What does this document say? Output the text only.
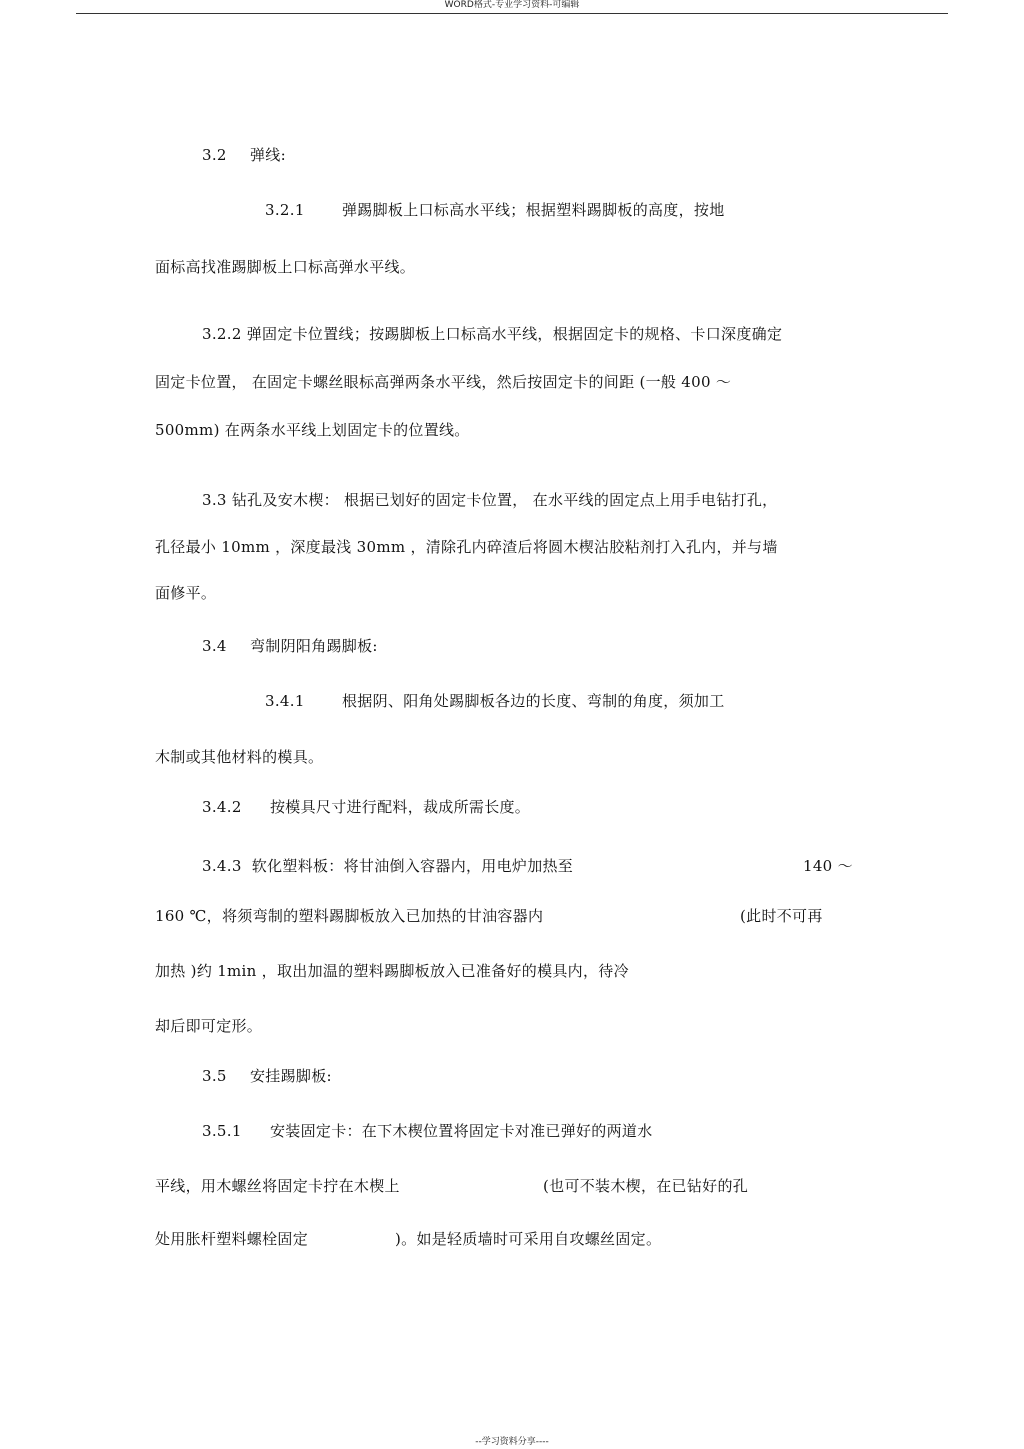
WORD格式-专业学习资料-可编辑
3.2 弹线:
3.2.1 弹踢脚板上口标高水平线；根据塑料踢脚板的高度，按地
面标高找准踢脚板上口标高弹水平线。
3.2.2 弹固定卡位置线；按踢脚板上口标高水平线，根据固定卡的规格、卡口深度确定
固定卡位置， 在固定卡螺丝眼标高弹两条水平线，然后按固定卡的间距 (一般 400 ～
500mm) 在两条水平线上划固定卡的位置线。
3.3 钻孔及安木楔： 根据已划好的固定卡位置， 在水平线的固定点上用手电钻打孔，
孔径最小 10mm ，深度最浅 30mm ，清除孔内碎渣后将圆木楔沾胶粘剂打入孔内，并与墙
面修平。
3.4 弯制阴阳角踢脚板:
3.4.1 根据阴、阳角处踢脚板各边的长度、弯制的角度，须加工
木制或其他材料的模具。
3.4.2 按模具尺寸进行配料，裁成所需长度。
3.4.3  软化塑料板：将甘油倒入容器内，用电炉加热至	140 ～
160 ℃，将须弯制的塑料踢脚板放入已加热的甘油容器内	(此时不可再
加热 )约 1min ，取出加温的塑料踢脚板放入已准备好的模具内，待冷
却后即可定形。
3.5 安挂踢脚板:
3.5.1 安装固定卡：在下木楔位置将固定卡对准已弹好的两道水
平线，用木螺丝将固定卡拧在木楔上	(也可不装木楔，在已钻好的孔
处用胀杆塑料螺栓固定	)。如是轻质墙时可采用自攻螺丝固定。
--学习资料分享----
